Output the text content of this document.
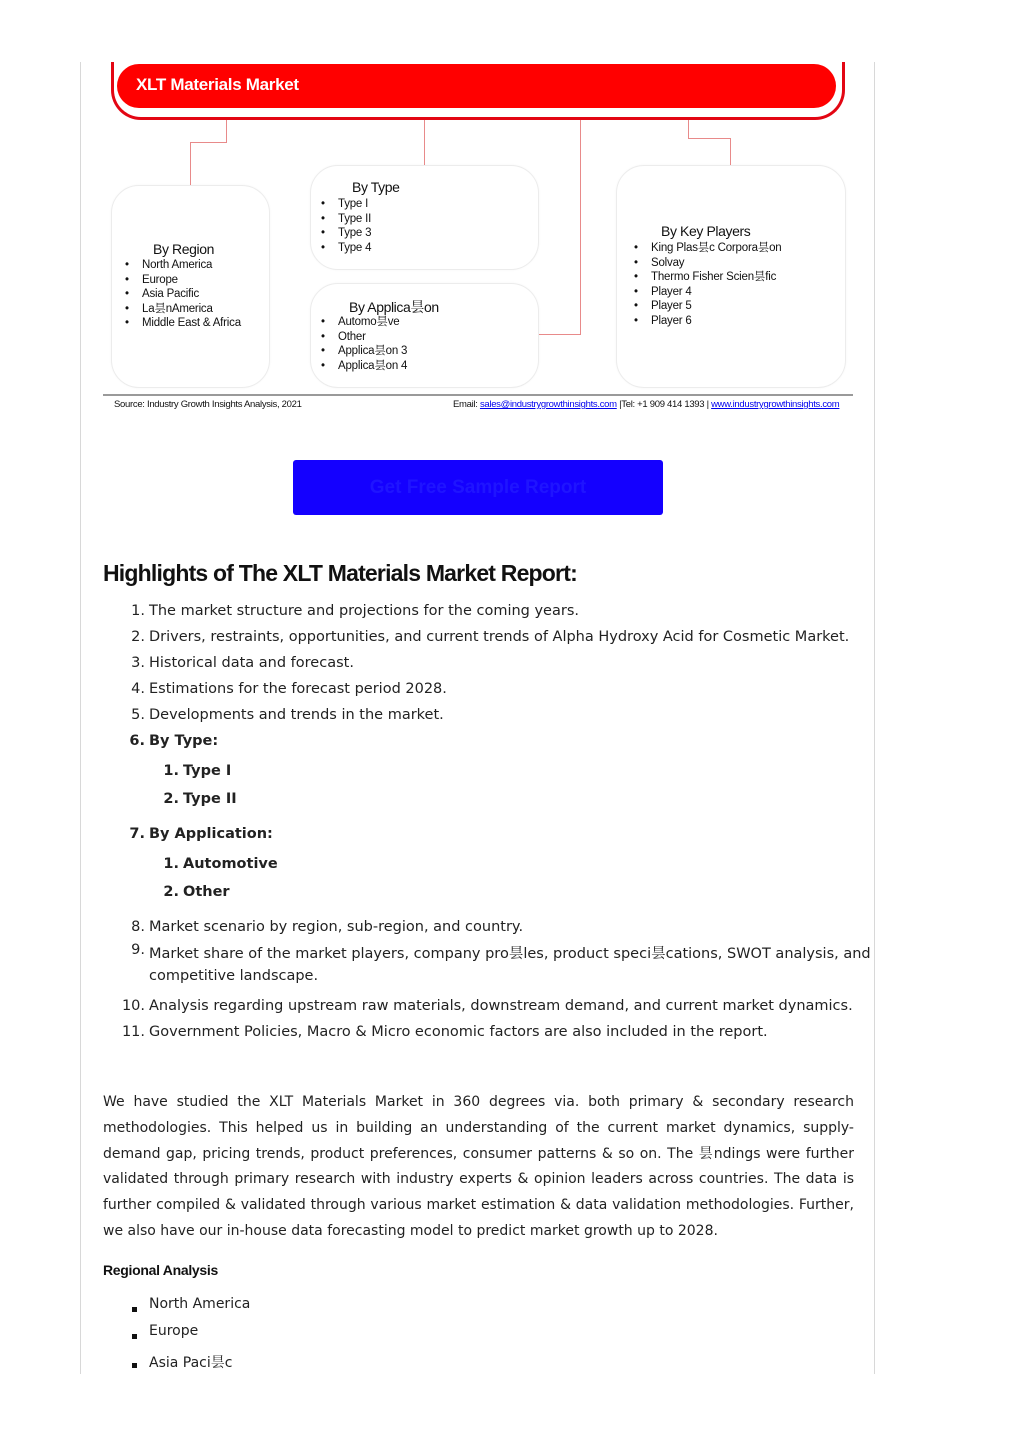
XLT Materials Market
By Region
• North America
• Europe
• Asia Pacific
• La昙nAmerica
• Middle East & Africa
By Type
• Type I
• Type II
• Type 3
• Type 4
By Applica昙on
• Automo昙ve
• Other
• Applica昙on 3
• Applica昙on 4
By Key Players
• King Plas昙c Corpora昙on
• Solvay
• Thermo Fisher Scien昙fic
• Player 4
• Player 5
• Player 6
Source: Industry Growth Insights Analysis, 2021	Email: sales@industrygrowthinsights.com |Tel: +1 909 414 1393 | www.industrygrowthinsights.com
Get Free Sample Report
Highlights of The XLT Materials Market Report:
1. The market structure and projections for the coming years.
2. Drivers, restraints, opportunities, and current trends of Alpha Hydroxy Acid for Cosmetic Market.
3. Historical data and forecast.
4. Estimations for the forecast period 2028.
5. Developments and trends in the market.
6. By Type:
1. Type I
2. Type II
7. By Application:
1. Automotive
2. Other
8. Market scenario by region, sub-region, and country.
9. Market share of the market players, company pro昙les, product speci昙cations, SWOT analysis, and
competitive landscape.
10. Analysis regarding upstream raw materials, downstream demand, and current market dynamics.
11. Government Policies, Macro & Micro economic factors are also included in the report.
We have studied the XLT Materials Market in 360 degrees via. both primary & secondary research methodologies. This helped us in building an understanding of the current market dynamics, supply-demand gap, pricing trends, product preferences, consumer patterns & so on. The 昙ndings were further validated through primary research with industry experts & opinion leaders across countries. The data is further compiled & validated through various market estimation & data validation methodologies. Further, we also have our in-house data forecasting model to predict market growth up to 2028.
Regional Analysis
North America
Europe
Asia Paci昙c
